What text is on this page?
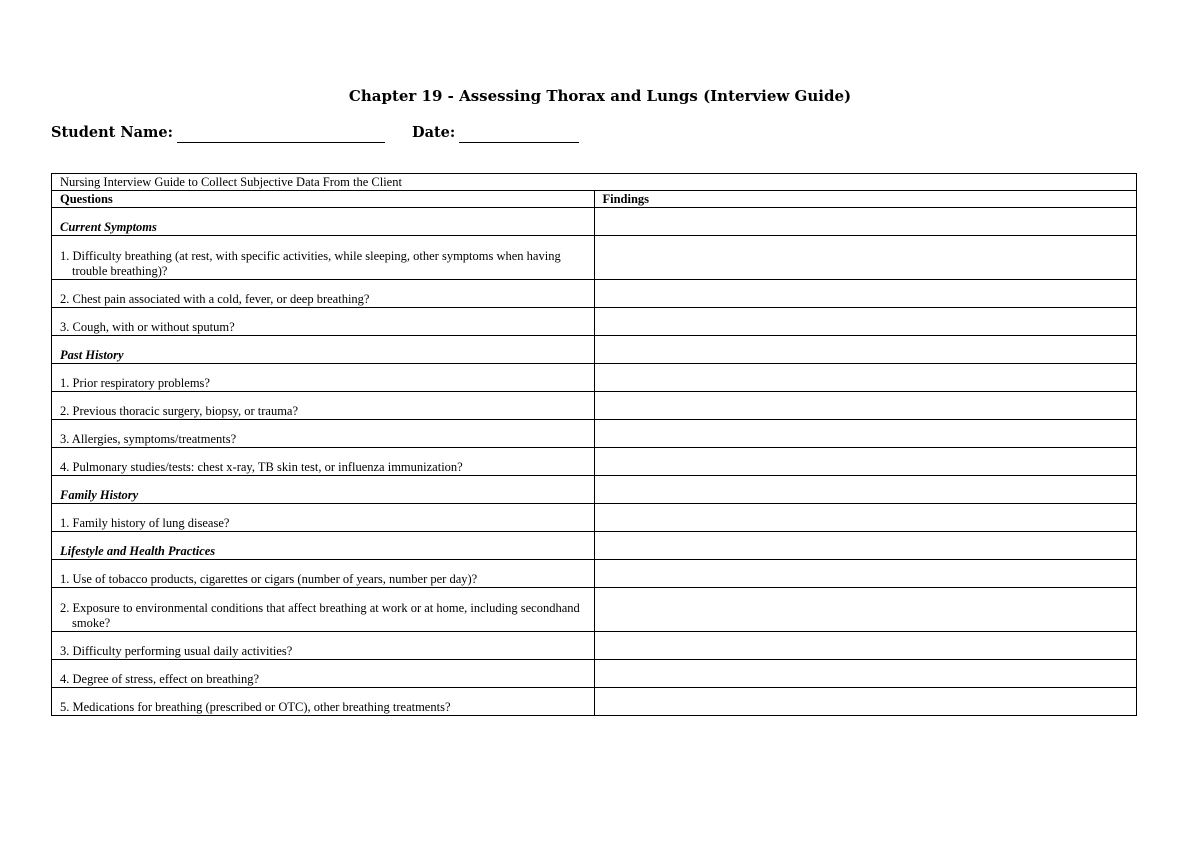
Chapter 19 - Assessing Thorax and Lungs (Interview Guide)
Student Name:	Date:
Nursing Interview Guide to Collect Subjective Data From the Client	
Questions	Findings
Current Symptoms	

1. Difficulty breathing (at rest, with specific activities, while sleeping, other symptoms when having trouble breathing)?	

2. Chest pain associated with a cold, fever, or deep breathing?	

3. Cough, with or without sputum?	

Past History	

1. Prior respiratory problems?	

2. Previous thoracic surgery, biopsy, or trauma?	

3. Allergies, symptoms/treatments?	

4. Pulmonary studies/tests: chest x-ray, TB skin test, or influenza immunization?	

Family History	

1. Family history of lung disease?	

Lifestyle and Health Practices	

1. Use of tobacco products, cigarettes or cigars (number of years, number per day)?	

2. Exposure to environmental conditions that affect breathing at work or at home, including secondhand smoke?	

3. Difficulty performing usual daily activities?	

4. Degree of stress, effect on breathing?	

5. Medications for breathing (prescribed or OTC), other breathing treatments?	
